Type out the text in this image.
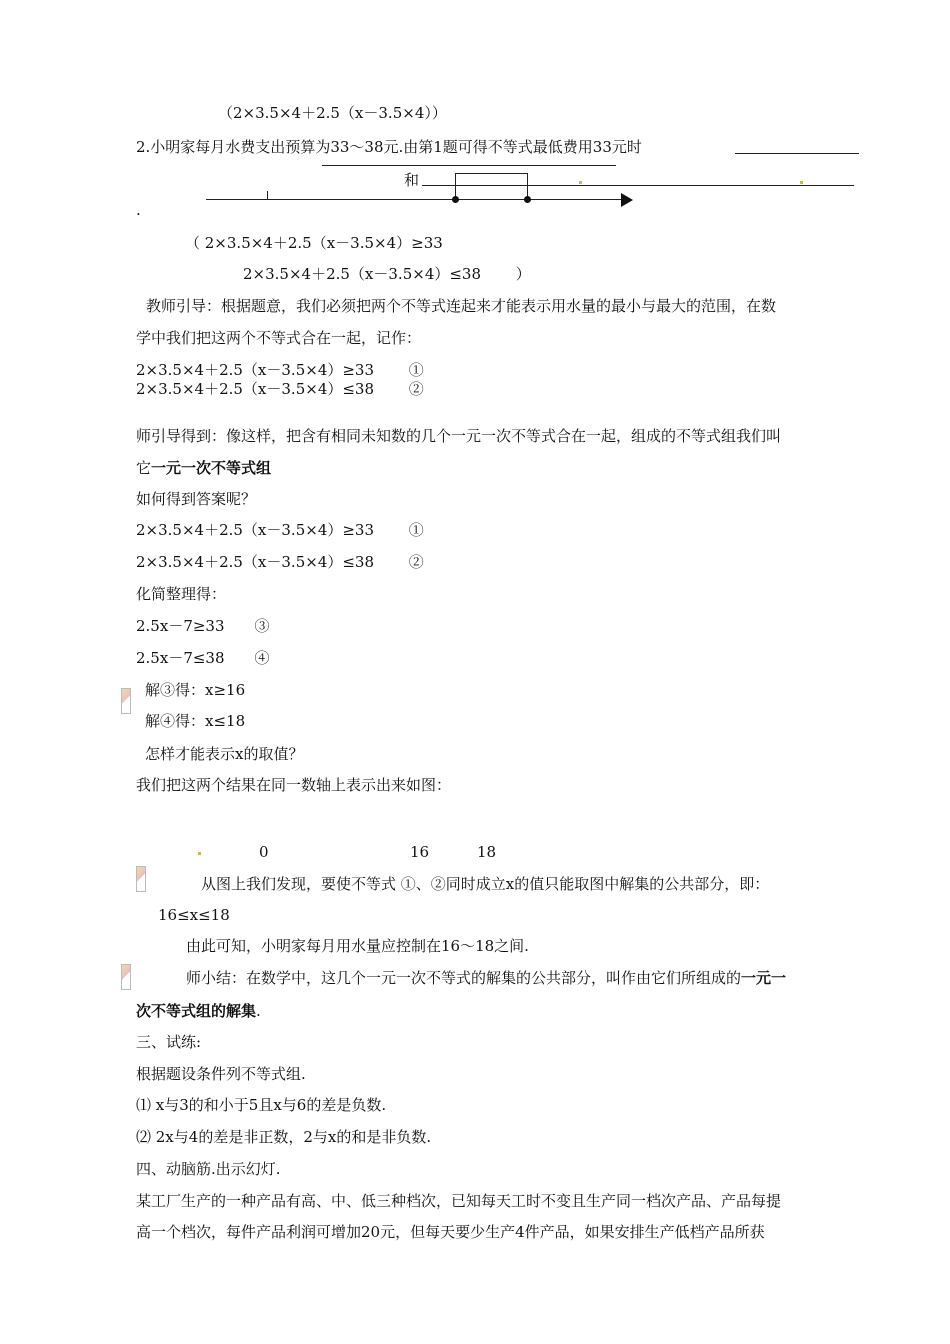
（2×3.5×4＋2.5（x－3.5×4））
2.小明家每月水费支出预算为33～38元.由第1题可得不等式最低费用33元时
和
.
（ 2×3.5×4＋2.5（x－3.5×4）≥33
2×3.5×4＋2.5（x－3.5×4）≤38　　 ）
教师引导：根据题意，我们必须把两个不等式连起来才能表示用水量的最小与最大的范围，在数
学中我们把这两个不等式合在一起，记作：
2×3.5×4＋2.5（x－3.5×4）≥33　　 ①
2×3.5×4＋2.5（x－3.5×4）≤38　　 ②
师引导得到：像这样，把含有相同未知数的几个一元一次不等式合在一起，组成的不等式组我们叫
它一元一次不等式组
如何得到答案呢？
2×3.5×4＋2.5（x－3.5×4）≥33　　 ①
2×3.5×4＋2.5（x－3.5×4）≤38　　 ②
化简整理得：
2.5x－7≥33　　③
2.5x－7≤38　　④
解③得：x≥16
解④得：x≤18
怎样才能表示x的取值？
我们把这两个结果在同一数轴上表示出来如图：
0	16	18
从图上我们发现，要使不等式 ①、②同时成立x的值只能取图中解集的公共部分，即：
16≤x≤18
由此可知，小明家每月用水量应控制在16～18之间.
师小结：在数学中，这几个一元一次不等式的解集的公共部分，叫作由它们所组成的一元一
次不等式组的解集.
三、试练:
根据题设条件列不等式组.
⑴ x与3的和小于5且x与6的差是负数.
⑵ 2x与4的差是非正数，2与x的和是非负数.
四、动脑筋.出示幻灯.
某工厂生产的一种产品有高、中、低三种档次，已知每天工时不变且生产同一档次产品、产品每提
高一个档次，每件产品利润可增加20元，但每天要少生产4件产品，如果安排生产低档产品所获
